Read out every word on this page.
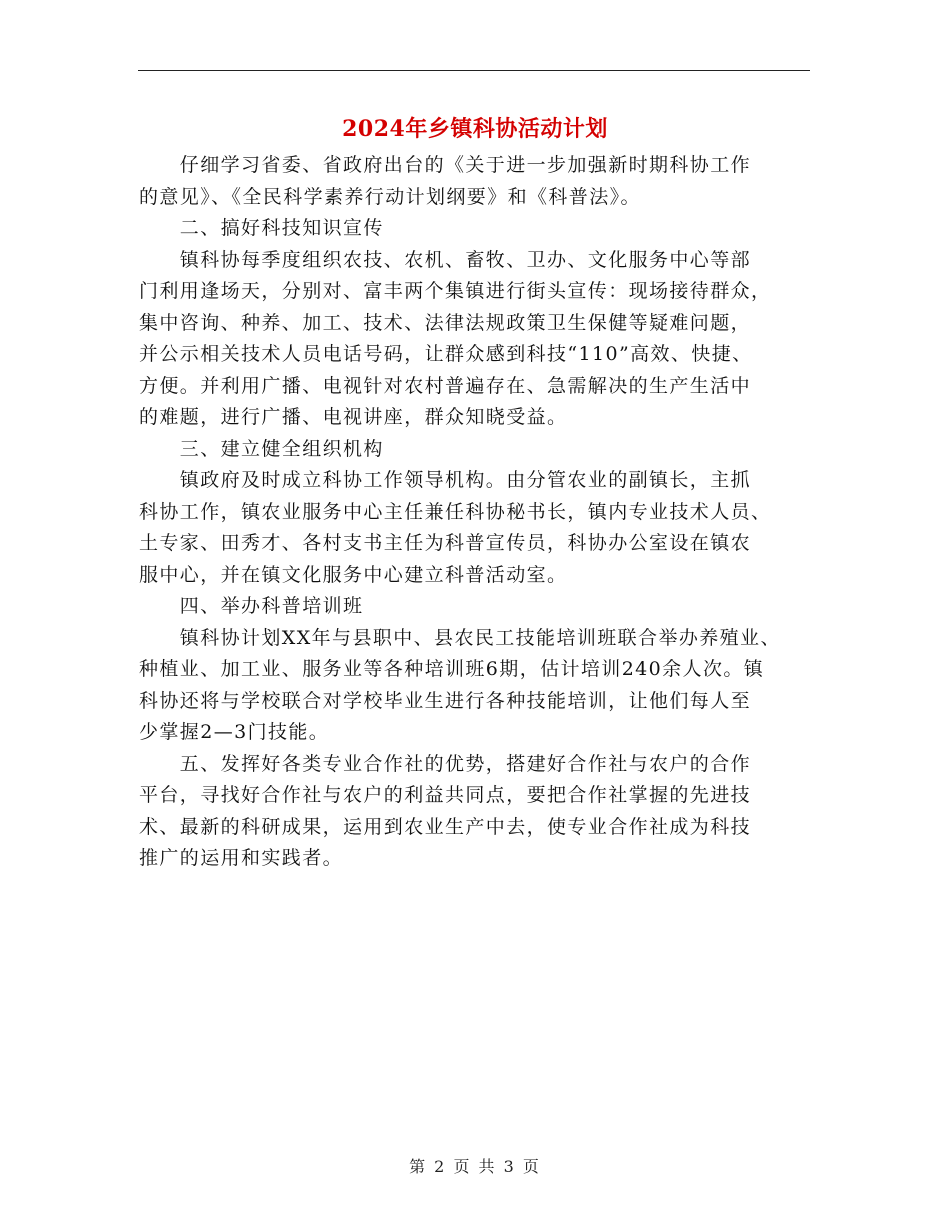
2024年乡镇科协活动计划
　　仔细学习省委、省政府出台的《关于进一步加强新时期科协工作
的意见》、《全民科学素养行动计划纲要》和《科普法》。
　　二、搞好科技知识宣传
　　镇科协每季度组织农技、农机、畜牧、卫办、文化服务中心等部
门利用逢场天，分别对、富丰两个集镇进行街头宣传：现场接待群众，
集中咨询、种养、加工、技术、法律法规政策卫生保健等疑难问题，
并公示相关技术人员电话号码，让群众感到科技“110”高效、快捷、
方便。并利用广播、电视针对农村普遍存在、急需解决的生产生活中
的难题，进行广播、电视讲座，群众知晓受益。
　　三、建立健全组织机构
　　镇政府及时成立科协工作领导机构。由分管农业的副镇长，主抓
科协工作，镇农业服务中心主任兼任科协秘书长，镇内专业技术人员、
土专家、田秀才、各村支书主任为科普宣传员，科协办公室设在镇农
服中心，并在镇文化服务中心建立科普活动室。
　　四、举办科普培训班
　　镇科协计划XX年与县职中、县农民工技能培训班联合举办养殖业、
种植业、加工业、服务业等各种培训班6期，估计培训240余人次。镇
科协还将与学校联合对学校毕业生进行各种技能培训，让他们每人至
少掌握2—3门技能。
　　五、发挥好各类专业合作社的优势，搭建好合作社与农户的合作
平台，寻找好合作社与农户的利益共同点，要把合作社掌握的先进技
术、最新的科研成果，运用到农业生产中去，使专业合作社成为科技
推广的运用和实践者。
第 2 页 共 3 页
